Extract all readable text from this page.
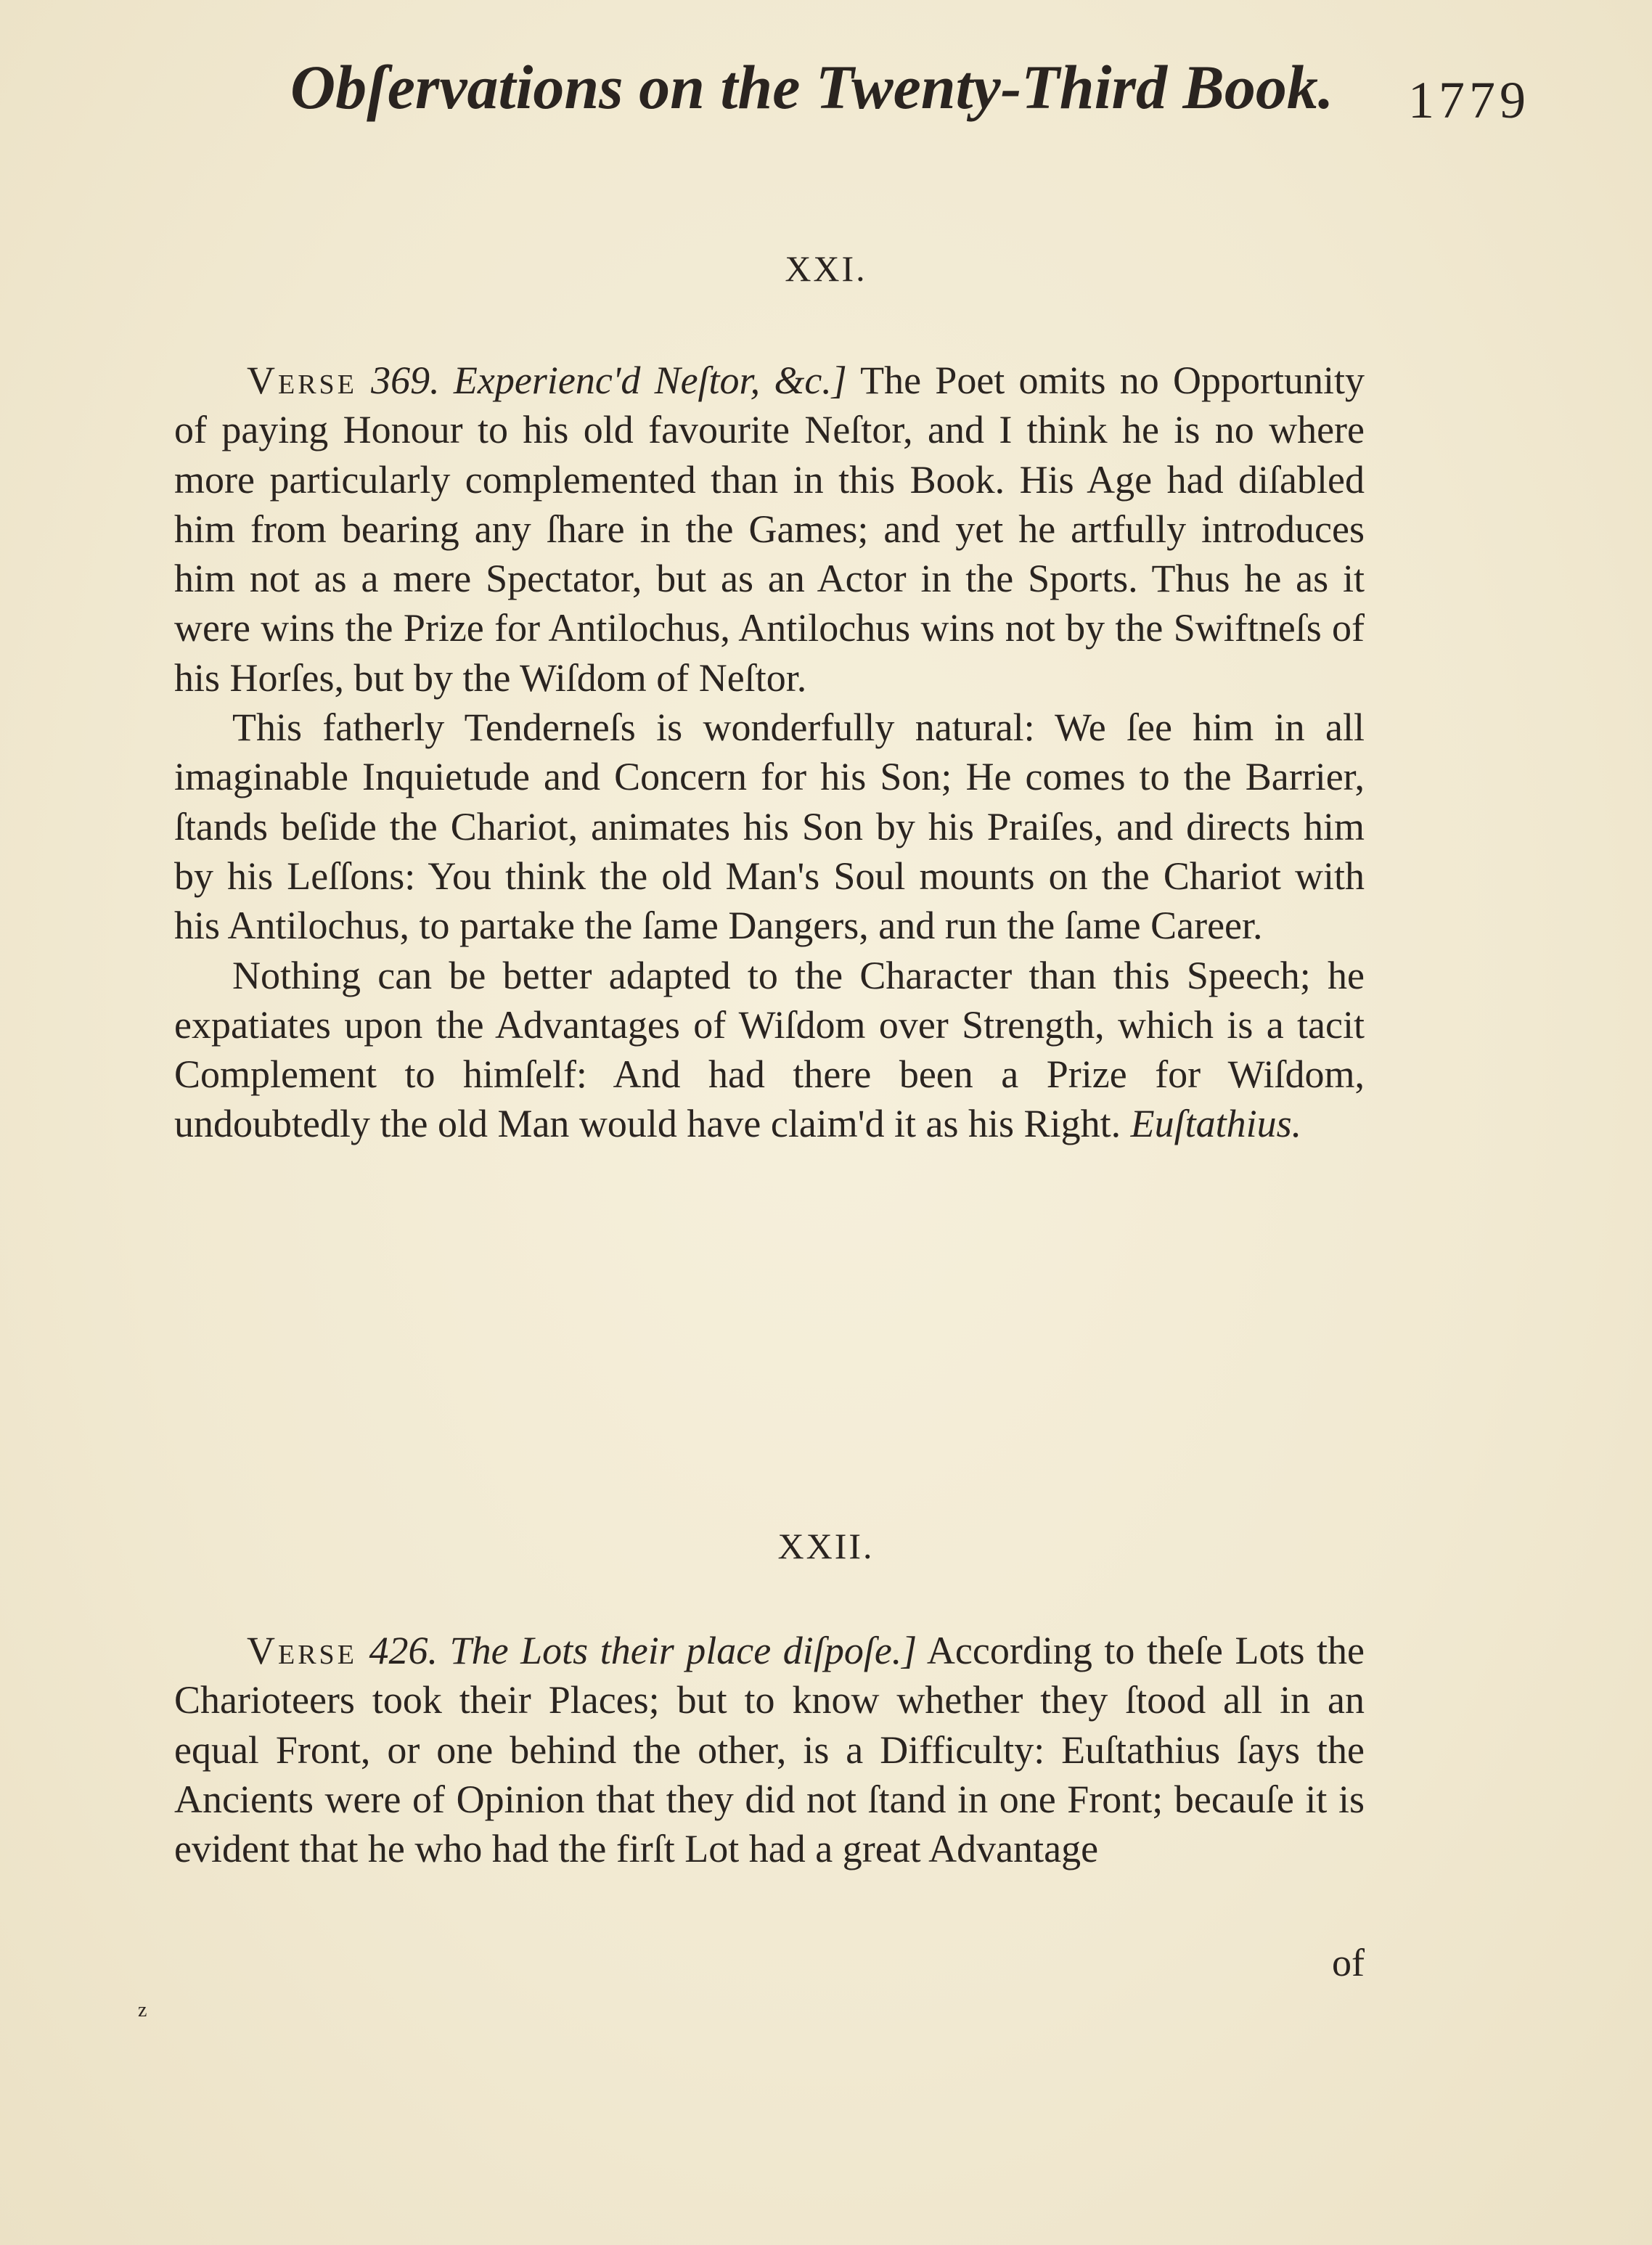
Obſervations on the Twenty-Third Book. 1779
XXI.

Verse 369. Experienc'd Neſtor, &c.] The Poet omits no Opportunity of paying Honour to his old favourite Neſtor, and I think he is no where more particularly complemented than in this Book. His Age had diſabled him from bearing any ſhare in the Games; and yet he artfully introduces him not as a mere Spectator, but as an Actor in the Sports. Thus he as it were wins the Prize for Antilochus, Antilochus wins not by the Swiftneſs of his Horſes, but by the Wiſdom of Neſtor.

This fatherly Tenderneſs is wonderfully natural: We ſee him in all imaginable Inquietude and Concern for his Son; He comes to the Barrier, ſtands beſide the Chariot, animates his Son by his Praiſes, and directs him by his Leſſons: You think the old Man's Soul mounts on the Chariot with his Antilochus, to partake the ſame Dangers, and run the ſame Career.

Nothing can be better adapted to the Character than this Speech; he expatiates upon the Advantages of Wiſdom over Strength, which is a tacit Complement to himſelf: And had there been a Prize for Wiſdom, undoubtedly the old Man would have claim'd it as his Right. Euſtathius.

XXII.

Verse 426. The Lots their place diſpoſe.] According to theſe Lots the Charioteers took their Places; but to know whether they ſtood all in an equal Front, or one behind the other, is a Difficulty: Euſtathius ſays the Ancients were of Opinion that they did not ſtand in one Front; becauſe it is evident that he who had the firſt Lot had a great Advantage

of
z
